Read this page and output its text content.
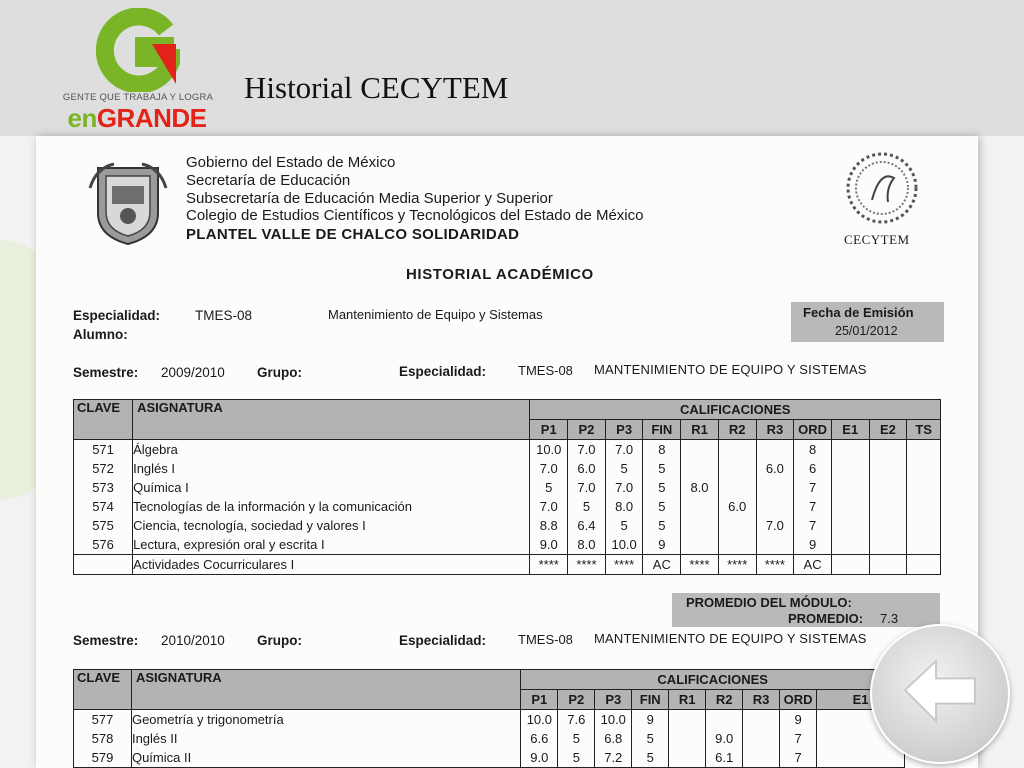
GENTE QUE TRABAJA Y LOGRA
enGRANDE
Historial CECYTEM
Gobierno del Estado de México
Secretaría de Educación
Subsecretaría de Educación Media Superior y Superior
Colegio de Estudios Científicos y Tecnológicos del Estado de México
PLANTEL VALLE DE CHALCO SOLIDARIDAD	CECYTEM
HISTORIAL ACADÉMICO
Especialidad:	TMES-08	Mantenimiento de Equipo y Sistemas
Alumno:
Fecha de Emisión
25/01/2012
Semestre: 2009/2010 Grupo:	Especialidad: TMES-08 MANTENIMIENTO DE EQUIPO Y SISTEMAS
CLAVE	ASIGNATURA	CALIFICACIONES										
		P1	P2	P3	FIN	R1	R2	R3	ORD	E1	E2	TS
571	Álgebra	10.0	7.0	7.0	8				8			
572	Inglés I	7.0	6.0	5	5			6.0	6			
573	Química I	5	7.0	7.0	5	8.0			7			
574	Tecnologías de la información y la comunicación	7.0	5	8.0	5		6.0		7			
575	Ciencia, tecnología, sociedad y valores I	8.8	6.4	5	5			7.0	7			
576	Lectura, expresión oral y escrita I	9.0	8.0	10.0	9				9			
	Actividades Cocurriculares I	****	****	****	AC	****	****	****	AC			
PROMEDIO DEL MÓDULO:
PROMEDIO: 7.3
Semestre: 2010/2010 Grupo:	Especialidad: TMES-08 MANTENIMIENTO DE EQUIPO Y SISTEMAS
CLAVE	ASIGNATURA	CALIFICACIONES								
		P1	P2	P3	FIN	R1	R2	R3	ORD	E1
577	Geometría y trigonometría	10.0	7.6	10.0	9				9	
578	Inglés II	6.6	5	6.8	5		9.0		7	
579	Química II	9.0	5	7.2	5		6.1		7	
